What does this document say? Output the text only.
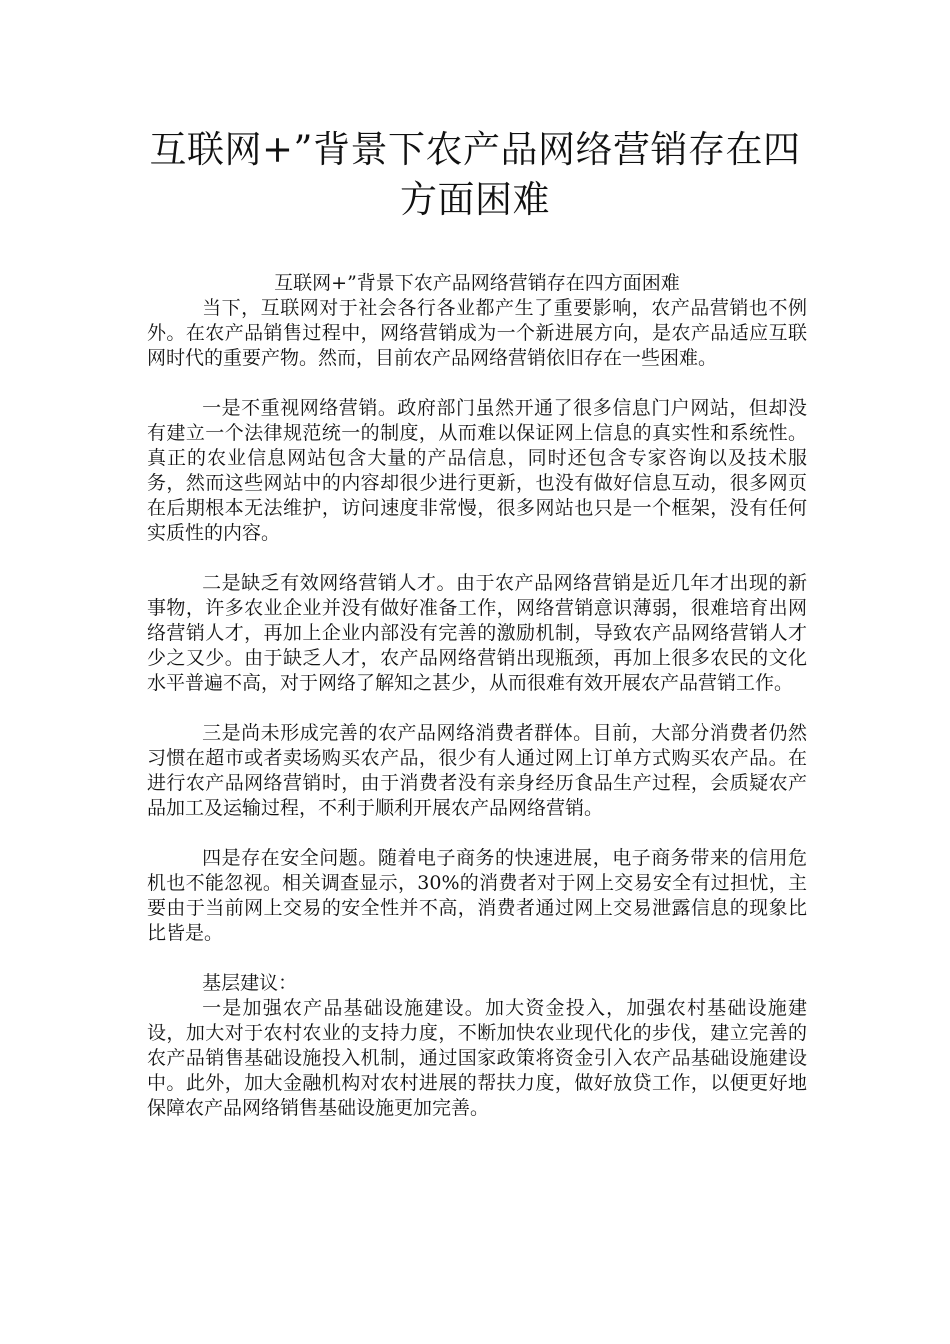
互联网+”背景下农产品网络营销存在四方面困难

互联网+”背景下农产品网络营销存在四方面困难

当下，互联网对于社会各行各业都产生了重要影响，农产品营销也不例外。在农产品销售过程中，网络营销成为一个新进展方向，是农产品适应互联网时代的重要产物。然而，目前农产品网络营销依旧存在一些困难。

一是不重视网络营销。政府部门虽然开通了很多信息门户网站，但却没有建立一个法律规范统一的制度，从而难以保证网上信息的真实性和系统性。真正的农业信息网站包含大量的产品信息，同时还包含专家咨询以及技术服务，然而这些网站中的内容却很少进行更新，也没有做好信息互动，很多网页在后期根本无法维护，访问速度非常慢，很多网站也只是一个框架，没有任何实质性的内容。

二是缺乏有效网络营销人才。由于农产品网络营销是近几年才出现的新事物，许多农业企业并没有做好准备工作，网络营销意识薄弱，很难培育出网络营销人才，再加上企业内部没有完善的激励机制，导致农产品网络营销人才少之又少。由于缺乏人才，农产品网络营销出现瓶颈，再加上很多农民的文化水平普遍不高，对于网络了解知之甚少，从而很难有效开展农产品营销工作。

三是尚未形成完善的农产品网络消费者群体。目前，大部分消费者仍然习惯在超市或者卖场购买农产品，很少有人通过网上订单方式购买农产品。在进行农产品网络营销时，由于消费者没有亲身经历食品生产过程，会质疑农产品加工及运输过程，不利于顺利开展农产品网络营销。

四是存在安全问题。随着电子商务的快速进展，电子商务带来的信用危机也不能忽视。相关调查显示，30%的消费者对于网上交易安全有过担忧，主要由于当前网上交易的安全性并不高，消费者通过网上交易泄露信息的现象比比皆是。

基层建议：

一是加强农产品基础设施建设。加大资金投入，加强农村基础设施建设，加大对于农村农业的支持力度，不断加快农业现代化的步伐，建立完善的农产品销售基础设施投入机制，通过国家政策将资金引入农产品基础设施建设中。此外，加大金融机构对农村进展的帮扶力度，做好放贷工作，以便更好地保障农产品网络销售基础设施更加完善。
